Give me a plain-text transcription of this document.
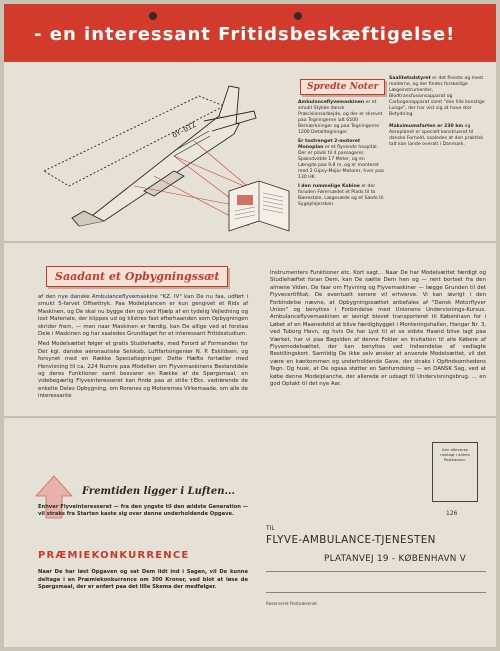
- en interessant Fritidsbeskæftigelse!
OY-DIZ
Spredte Noter

Ambulanceflyvemaskinen er et smukt Stykke dansk Præcisionsarbejde, og der er skrevet paa Tegningerne ialt 6500 Bemærkninger og paa Tegningerne 1200 Detailtegninger.

Er tostrenget 2-motoret Monoplan er et flyvende hospital. Der er plads til 4 passagerer. Spændvidde 17 Meter, og en Længde paa 9,8 m, og er monteret med 2 Gipsy-Major-Motorer, hver paa 130 HK.

I den rummelige Kabine er der foruden Førersædet et Plads til to Bærestole, Lægesæde og et Sæde til Sygeplejersken.

Saalitetsdstyret er det fineste og mest moderne, og der findes forskellige Lægeinstrumenter, Blodtransfusionsapparat og Carbogenapparat samt "den lille konstige Lunge", der har vist sig at have stor Betydning.

Maksimumsfarten er 230 km og Aeroplanet er specielt konstrueret til danske Forhold, saaledes at den praktisk talt kan lande overalt i Danmark.

Saadant et Opbygningssæt

af den nye danske Ambulanceflyvemaskine "KZ. IV" kan De nu faa, udført i smukt 5-farvet Offsettryk. Paa Modelplancen er kun gengivet et Rids af Maskinen, og De skal nu bygge den op ved Hjælp af en tydelig Vejledning og lost Materiale, der klippes ud og klistres fast efterhaanden som Opbygningen skrider frem, — men naar Maskinen er færdig, kan De allige ved at forstaa Dele i Maskinen og har saaledes Grundlaget for et interessant Fritidsstudium.

Med Modelsættet følger et gratis Studiehæfte, med Forord af Formanden for Det kgl. danske aéronautiske Selskab, Luftfartsingeniør N. P. Eskildsen, og forsynet med en Række Specialtegninger. Dette Hæfte fortæller med Henvisning til ca. 224 Numre paa Modellen om Flyvemaskinens Bestanddele og deres Funktioner samt besvarer en Række af de Spørgsmaal, en videbegærlig Flyveinteresseret kan finde paa at stille f.Eks. vedrørende de enkelte Deles Opbygning, om Rorenes og Motorernes Virkemaade, om alle de interessante

Instrumenters Funktioner etc. Kort sagt... Naar De har Modelsættet færdigt og Studiehæftet foran Dem, kan De sætte Dem hen og — rent bortset fra den almene Viden, De faar om Flyvning og Flyvemaskiner — lægge Grunden til det Flyvecertifikat, De eventuelt senere vil erhverve. Vi kan iøvrigt i den Forbindelse nævne, at Opbygningssættet anbefales af "Dansk Motorflyver Union" og benyttes i Forbindelse med Unionens Undervisnings-Kursus. Ambulanceflyvemaskinen er iøvrigt blevet transporteret til København for i Løbet af en Maanedstid at blive færdigbygget i Monteringshallen, Hangar Nr. 3, ved Tuborg Havn, og hvis De har Lyst til at se sidste Haand blive lagt paa Værket, har vi paa Bagsiden af denne Folder en Invitation til alle Købere af Flyvemodelsættet, der kan benyttes ved Indsendelse af vedlagte Bestillingskort. Samtidig De ikke selv ønsker at anvende Modelsættet, vil det være en kærkommen og underholdende Gave, der straks i Opfindsomhedens Tegn. Og husk, at De ogsaa støtter en Sønfurndsing — en DANSK Sag, ved at købe denne Modelplanche, der allerede er udsagt til Undervisningsbrug. ... en god Optakt til det nye Aar.

Fremtiden ligger i Luften...
Enhver Flyveinteresseret — fra den yngste til den ældste Generation — vil straks fra Starten kaste sig over denne underholdende Opgave.
PRÆMIEKONKURRENCE
Naar De har løst Opgaven og sat Dem lidt ind i Sagen, vil De kunne deltage i en Præmiekonkurrence om 300 Kroner, ved blot at løse de Spørgsmaal, der er anført paa det lille Skema der medfølger.
Kan afleveres nedlagt i aldres Postkassen.
126
TIL
FLYVE-AMBULANCE-TJENESTEN
PLATANVEJ 19 - KØBENHAVN V
Reserveret Postvæsenet
